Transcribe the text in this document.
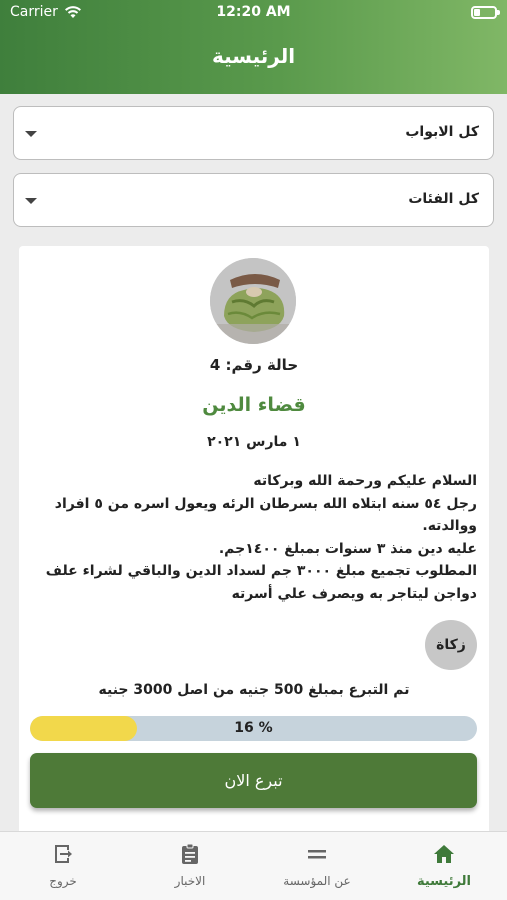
Carrier	12:20 AM
الرئيسية
كل الابواب
كل الفئات
حالة رقم: 4
قضاء الدين
١ مارس ٢٠٢١
السلام عليكم ورحمة الله وبركاته
رجل ٥٤ سنه ابتلاه الله بسرطان الرئه ويعول اسره من ٥ افراد
ووالدته.
عليه دين منذ ٣ سنوات بمبلغ ١٤٠٠جم.
المطلوب تجميع مبلغ ٣٠٠٠ جم لسداد الدين والباقي لشراء علف
دواجن ليتاجر به ويصرف علي أسرته
زكاة
تم التبرع بمبلغ 500 جنيه من اصل 3000 جنيه
16 %
تبرع الان
خروج	الاخبار	عن المؤسسة	الرئيسية
